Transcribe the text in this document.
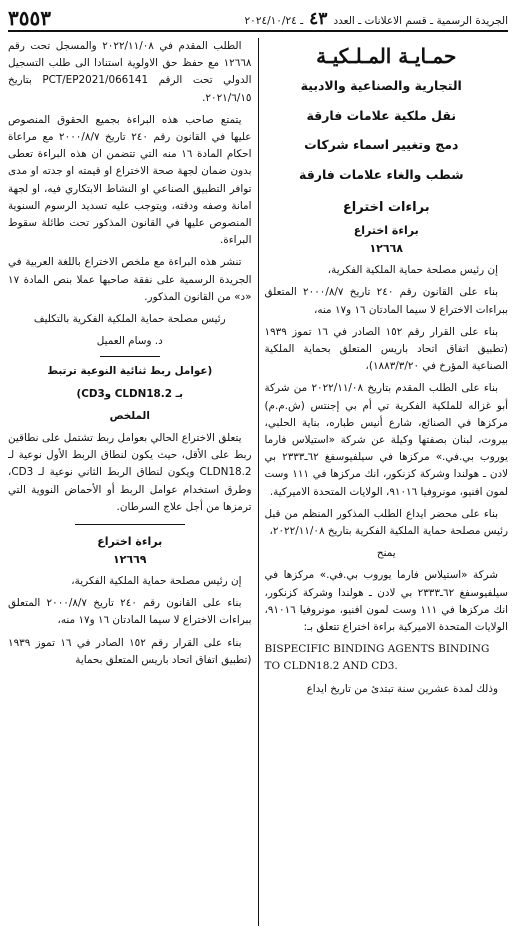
الجريدة الرسمية ـ قسم الاعلانات ـ العدد
٤٣
ـ ٢٠٢٤/١٠/٢٤
٣٥٥٣
حمـايـة المـلـكيـة

التجارية والصناعية والادبية

نقل ملكية علامات فارقة

دمج وتغيير اسماء شركات

شطب والغاء علامات فارقة

براءات اختراع
براءة اختراع
١٢٦٦٨

إن رئيس مصلحة حماية الملكية الفكرية،

بناء على القانون رقم ٢٤٠ تاريخ ٢٠٠٠/٨/٧ المتعلق ببراءات الاختراع لا سيما المادتان ١٦ و١٧ منه،

بناء على القرار رقم ١٥٢ الصادر في ١٦ تموز ١٩٣٩ (تطبيق اتفاق اتحاد باريس المتعلق بحماية الملكية الصناعية المؤرخ في ١٨٨٣/٣/٢٠)،

بناء على الطلب المقدم بتاريخ ٢٠٢٢/١١/٠٨ من شركة أبو غزاله للملكية الفكرية تي أم بي إجنتس (ش.م.م) مركزها في الصنائع، شارع أنيس طباره، بناية الحلبي، بيروت، لبنان بصفتها وكيلة عن شركة «استيلاس فارما يوروب بي.في.» مركزها في سيلفيوسفغ ٦٢ـ٢٣٣٣ بي لادن ـ هولندا وشركة كزنكور، انك مركزها في ١١١ وست لمون افنيو، مونروفيا ٩١٠١٦، الولايات المتحدة الاميركية.

بناء على محضر ايداع الطلب المذكور المنظم من قبل رئيس مصلحة حماية الملكية الفكرية بتاريخ ٢٠٢٢/١١/٠٨،

يمنح

شركة «استيلاس فارما يوروب بي.في.» مركزها في سيلفيوسفغ ٦٢ـ٢٣٣٣ بي لادن ـ هولندا وشركة كزنكور، انك مركزها في ١١١ وست لمون افنيو، مونروفيا ٩١٠١٦، الولايات المتحدة الاميركية براءة اختراع تتعلق بـ:

BISPECIFIC BINDING AGENTS BINDING TO CLDN18.2 AND CD3.

وذلك لمدة عشرين سنة تبتدئ من تاريخ ايداع

الطلب المقدم في ٢٠٢٢/١١/٠٨ والمسجل تحت رقم ١٢٦٦٨ مع حفظ حق الاولوية استنادا الى طلب التسجيل الدولي تحت الرقم PCT/EP2021/066141 بتاريخ ٢٠٢١/٦/١٥.

يتمتع صاحب هذه البراءة بجميع الحقوق المنصوص عليها في القانون رقم ٢٤٠ تاريخ ٢٠٠٠/٨/٧ مع مراعاة احكام المادة ١٦ منه التي تتضمن ان هذه البراءة تعطى بدون ضمان لجهة صحة الاختراع او قيمته او جدته او مدى توافر التطبيق الصناعي او النشاط الابتكاري فيه، او لجهة امانة وصفه ودقته، ويتوجب عليه تسديد الرسوم السنوية المنصوص عليها في القانون المذكور تحت طائلة سقوط البراءة.

تنشر هذه البراءة مع ملخص الاختراع باللغة العربية في الجريدة الرسمية على نفقة صاحبها عملا بنص المادة ١٧ «د» من القانون المذكور.

رئيس مصلحة حماية الملكية الفكرية بالتكليف

د. وسام العميل

(عوامل ربط ثنائية النوعية ترتبط

بـ CLDN18.2 وCD3)

الملخص

يتعلق الاختراع الحالي بعوامل ربط تشتمل على نطاقين ربط على الأقل، حيث يكون لنطاق الربط الأول نوعية لـ CLDN18.2 ويكون لنطاق الربط الثاني نوعية لـ CD3، وطرق استخدام عوامل الربط أو الأحماض النووية التي ترمزها من أجل علاج السرطان.

براءة اختراع
١٢٦٦٩

إن رئيس مصلحة حماية الملكية الفكرية،

بناء على القانون رقم ٢٤٠ تاريخ ٢٠٠٠/٨/٧ المتعلق ببراءات الاختراع لا سيما المادتان ١٦ و١٧ منه،

بناء على القرار رقم ١٥٢ الصادر في ١٦ تموز ١٩٣٩ (تطبيق اتفاق اتحاد باريس المتعلق بحماية
